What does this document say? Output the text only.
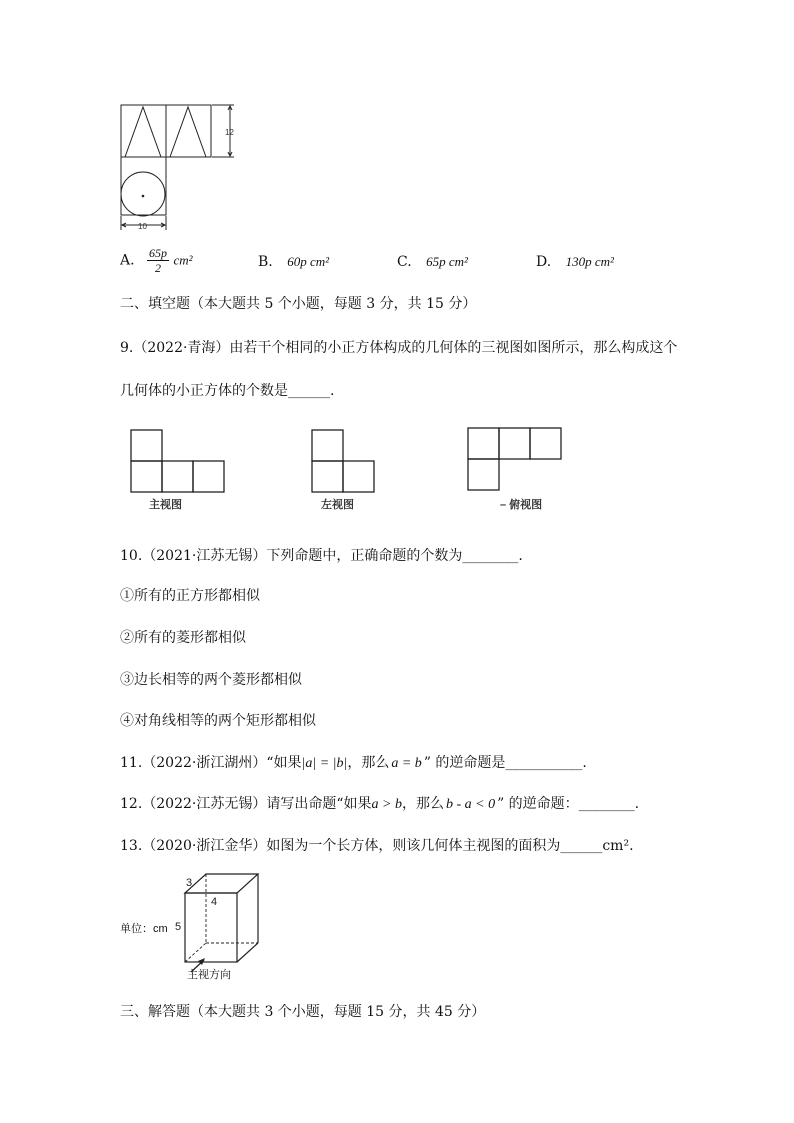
12
10
A. $\frac{65p}{2} cm^2$	B. 60p cm²	C. 65p cm²	D. 130p cm²
二、填空题（本大题共 5 个小题，每题 3 分，共 15 分）
9.（2022·青海）由若干个相同的小正方体构成的几何体的三视图如图所示，那么构成这个
几何体的小正方体的个数是______.
主视图	左视图	– 俯视图
10.（2021·江苏无锡）下列命题中，正确命题的个数为________.
①所有的正方形都相似
②所有的菱形都相似
③边长相等的两个菱形都相似
④对角线相等的两个矩形都相似
11.（2022·浙江湖州）“如果|a| = |b|，那么 a = b ” 的逆命题是___________.
12.（2022·江苏无锡）请写出命题“如果a > b，那么 b - a < 0 ” 的逆命题：________.
13.（2020·浙江金华）如图为一个长方体，则该几何体主视图的面积为______cm².
单位：cm
3
4
5
主视方向
三、解答题（本大题共 3 个小题，每题 15 分，共 45 分）
